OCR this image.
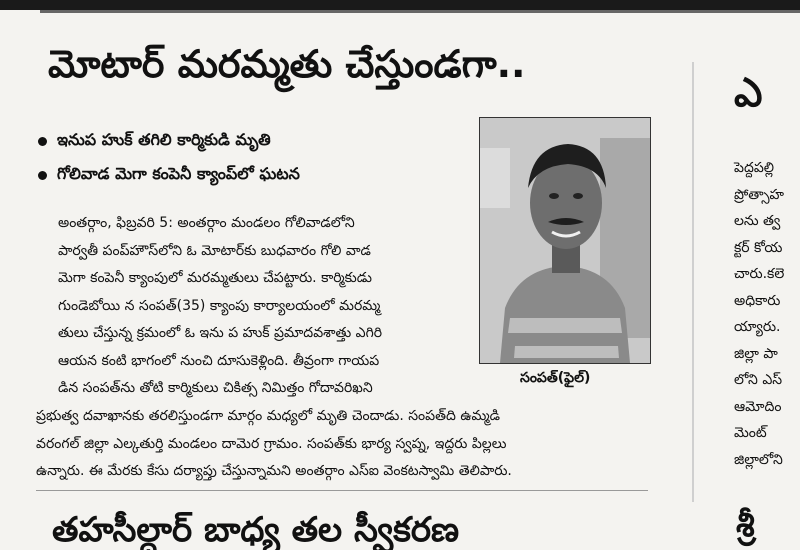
మోటార్ మరమ్మతు చేస్తుండగా..
ఇనుప హుక్ తగిలి కార్మికుడి మృతి
గోలివాడ మెగా కంపెనీ క్యాంప్‌లో ఘటన
సంపత్(ఫైల్)
అంతర్గాం, ఫిబ్రవరి 5: అంతర్గాం మండలం గోలివాడలోని
పార్వతీ పంప్‌హౌస్‌లోని ఓ మోటార్‌కు బుధవారం గోలి వాడ
మెగా కంపెనీ క్యాంపులో మరమ్మతులు చేపట్టారు. కార్మికుడు
గుండెబోయి న సంపత్(35) క్యాంపు కార్యాలయంలో మరమ్మ
తులు చేస్తున్న క్రమంలో ఓ ఇను ప హుక్ ప్రమాదవశాత్తు ఎగిరి
ఆయన కంటి భాగంలో నుంచి దూసుకెళ్లింది. తీవ్రంగా గాయప
డిన సంపత్‌ను తోటి కార్మికులు చికిత్స నిమిత్తం గోదావరిఖని
ప్రభుత్వ దవాఖానకు తరలిస్తుండగా మార్గం మధ్యలో మృతి చెందాడు. సంపత్‌ది ఉమ్మడి
వరంగల్ జిల్లా ఎల్కతుర్తి మండలం దామెర గ్రామం. సంపత్‌కు భార్య స్వప్న, ఇద్దరు పిల్లలు
ఉన్నారు. ఈ మేరకు కేసు దర్యాప్తు చేస్తున్నామని అంతర్గాం ఎస్ఐ వెంకటస్వామి తెలిపారు.
తహసీల్దార్ బాధ్య తల స్వీకరణ
ఎ
పెద్దపల్లి
ప్రోత్సాహ
లను త్వ
క్టర్ కోయ
చారు.కలె
అధికారు
య్యారు.
జిల్లా పా
లోని ఎస్
ఆమోదిం
మెంట్
జిల్లాలోని
శ్రీ
